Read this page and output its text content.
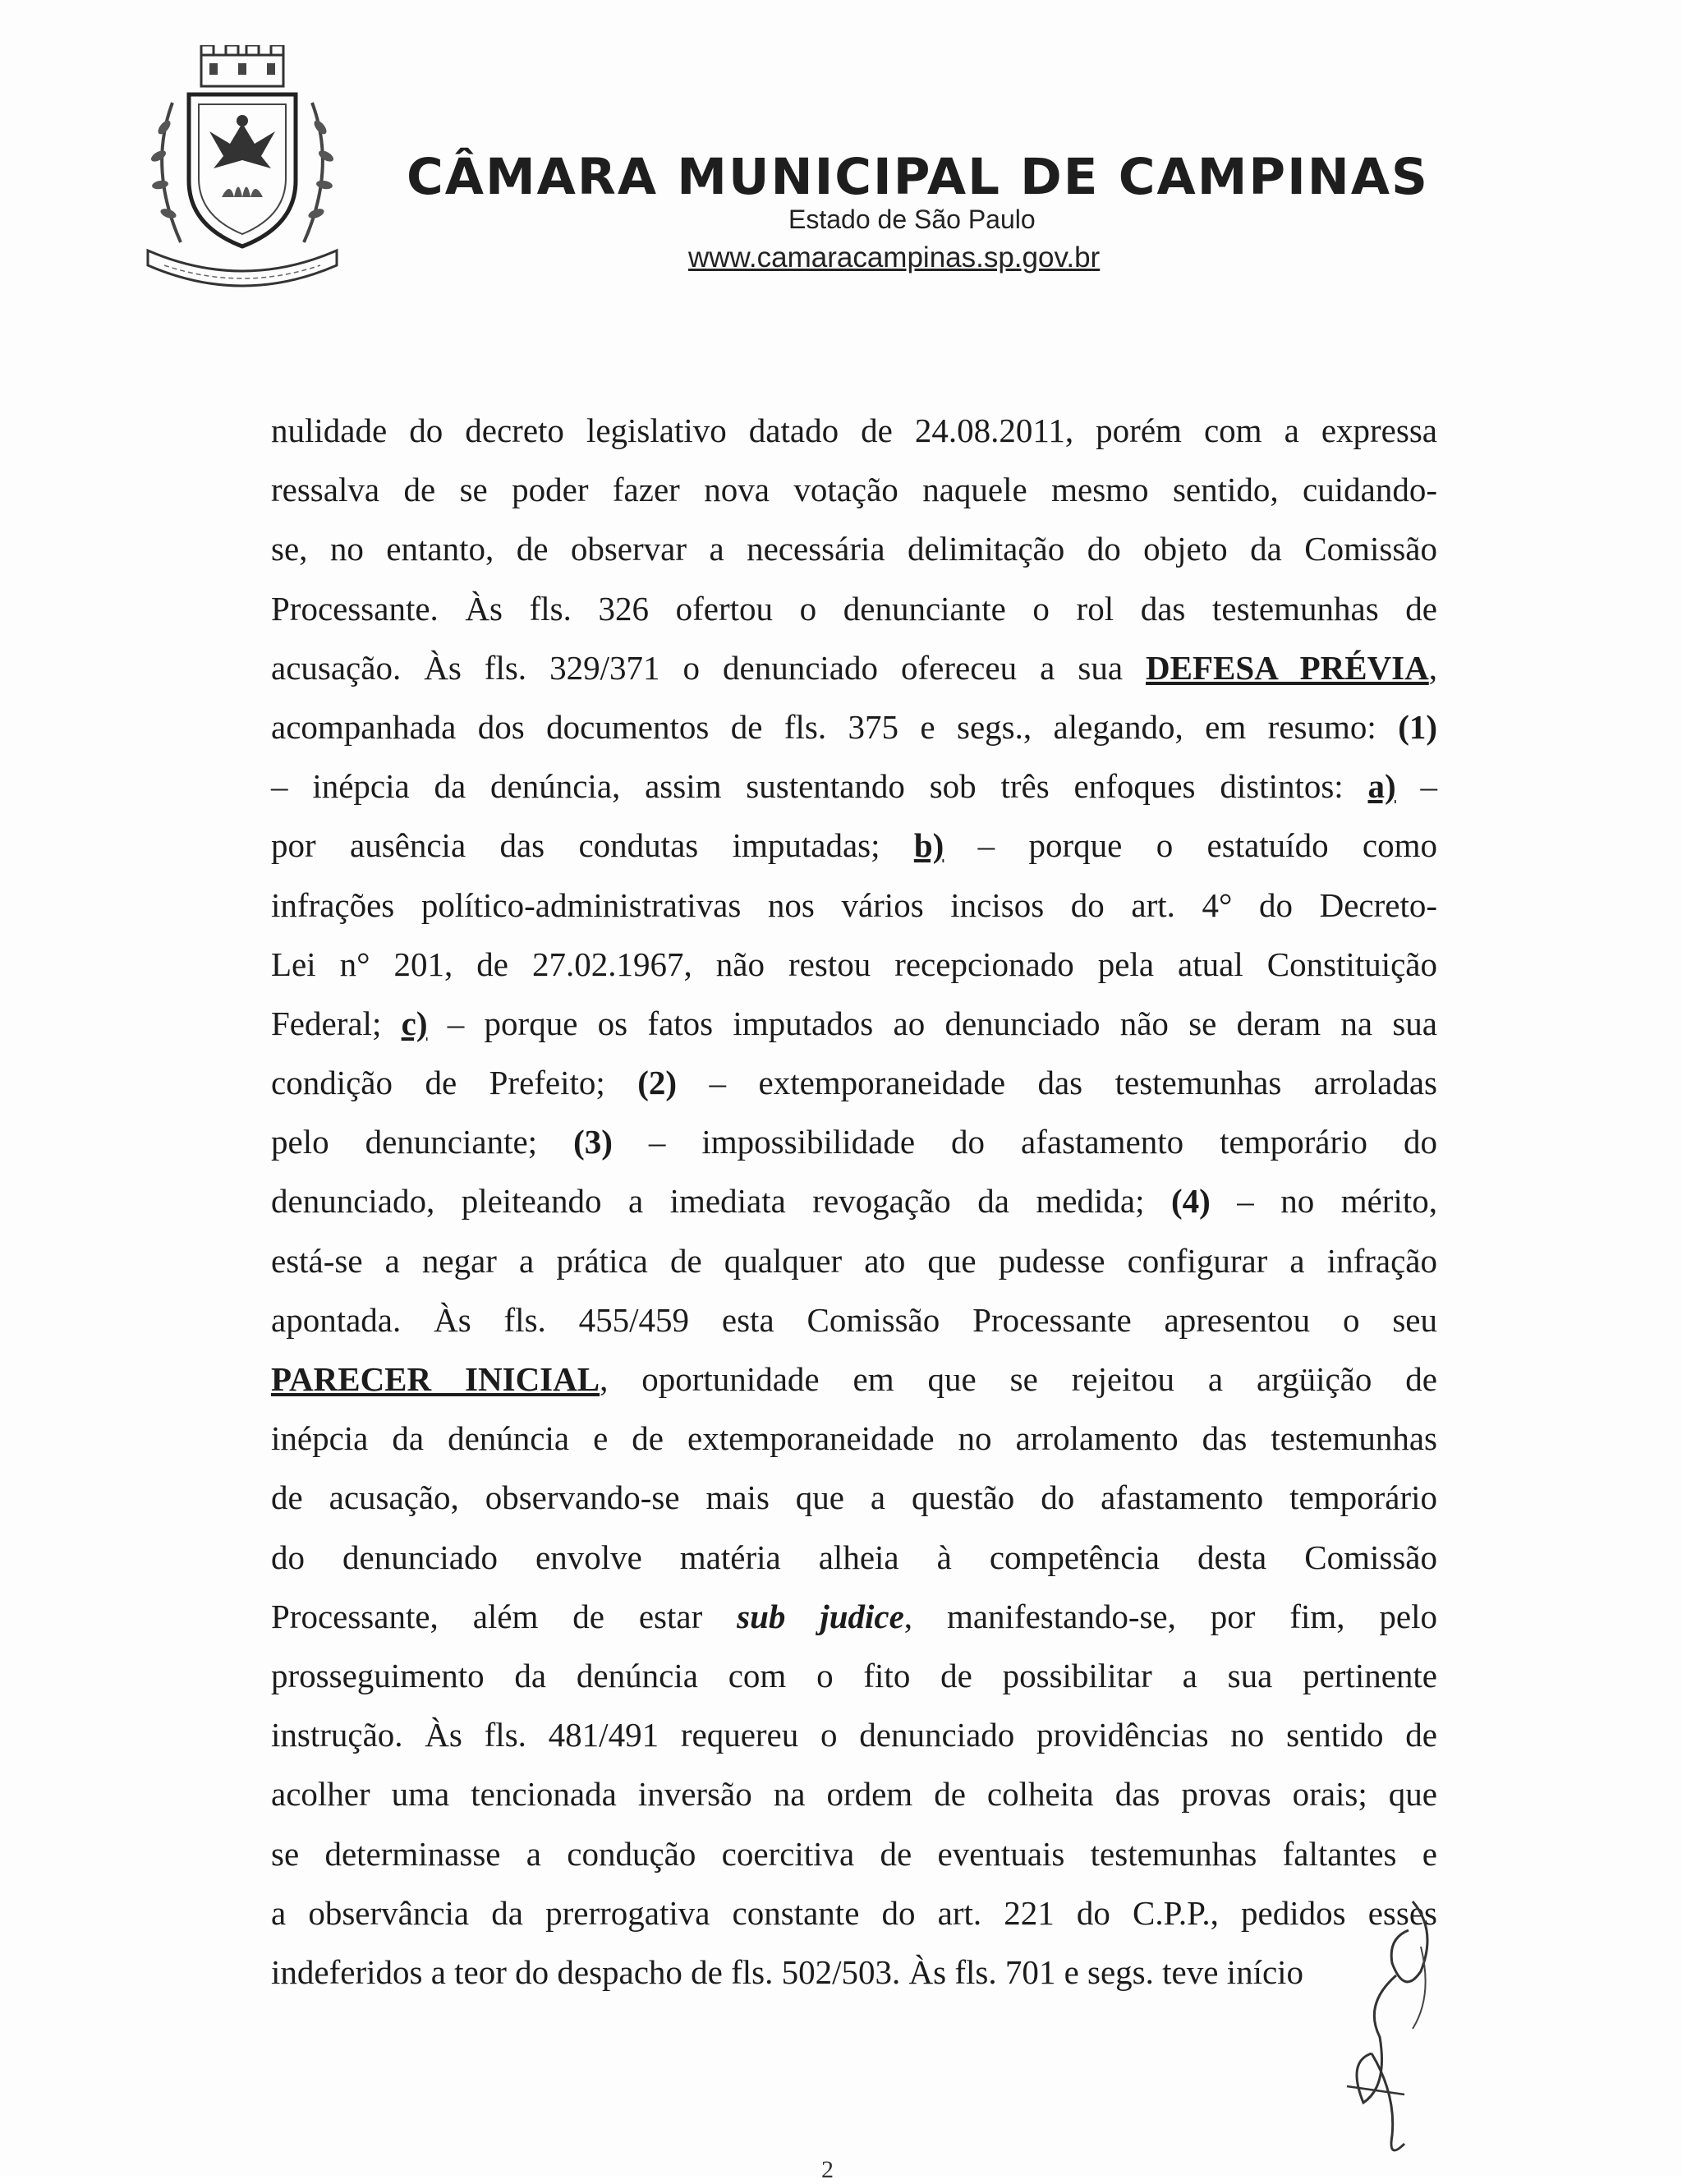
CÂMARA MUNICIPAL DE CAMPINAS
Estado de São Paulo
www.camaracampinas.sp.gov.br
nulidade do decreto legislativo datado de 24.08.2011, porém com a expressa
ressalva de se poder fazer nova votação naquele mesmo sentido, cuidando-
se, no entanto, de observar a necessária delimitação do objeto da Comissão
Processante. Às fls. 326 ofertou o denunciante o rol das testemunhas de
acusação. Às fls. 329/371 o denunciado ofereceu a sua DEFESA PRÉVIA,
acompanhada dos documentos de fls. 375 e segs., alegando, em resumo: (1)
– inépcia da denúncia, assim sustentando sob três enfoques distintos: a) –
por ausência das condutas imputadas; b) – porque o estatuído como
infrações político-administrativas nos vários incisos do art. 4° do Decreto-
Lei n° 201, de 27.02.1967, não restou recepcionado pela atual Constituição
Federal; c) – porque os fatos imputados ao denunciado não se deram na sua
condição de Prefeito; (2) – extemporaneidade das testemunhas arroladas
pelo denunciante; (3) – impossibilidade do afastamento temporário do
denunciado, pleiteando a imediata revogação da medida; (4) – no mérito,
está-se a negar a prática de qualquer ato que pudesse configurar a infração
apontada. Às fls. 455/459 esta Comissão Processante apresentou o seu
PARECER INICIAL, oportunidade em que se rejeitou a argüição de
inépcia da denúncia e de extemporaneidade no arrolamento das testemunhas
de acusação, observando-se mais que a questão do afastamento temporário
do denunciado envolve matéria alheia à competência desta Comissão
Processante, além de estar sub judice, manifestando-se, por fim, pelo
prosseguimento da denúncia com o fito de possibilitar a sua pertinente
instrução. Às fls. 481/491 requereu o denunciado providências no sentido de
acolher uma tencionada inversão na ordem de colheita das provas orais; que
se determinasse a condução coercitiva de eventuais testemunhas faltantes e
a observância da prerrogativa constante do art. 221 do C.P.P., pedidos esses
indeferidos a teor do despacho de fls. 502/503. Às fls. 701 e segs. teve início
2
